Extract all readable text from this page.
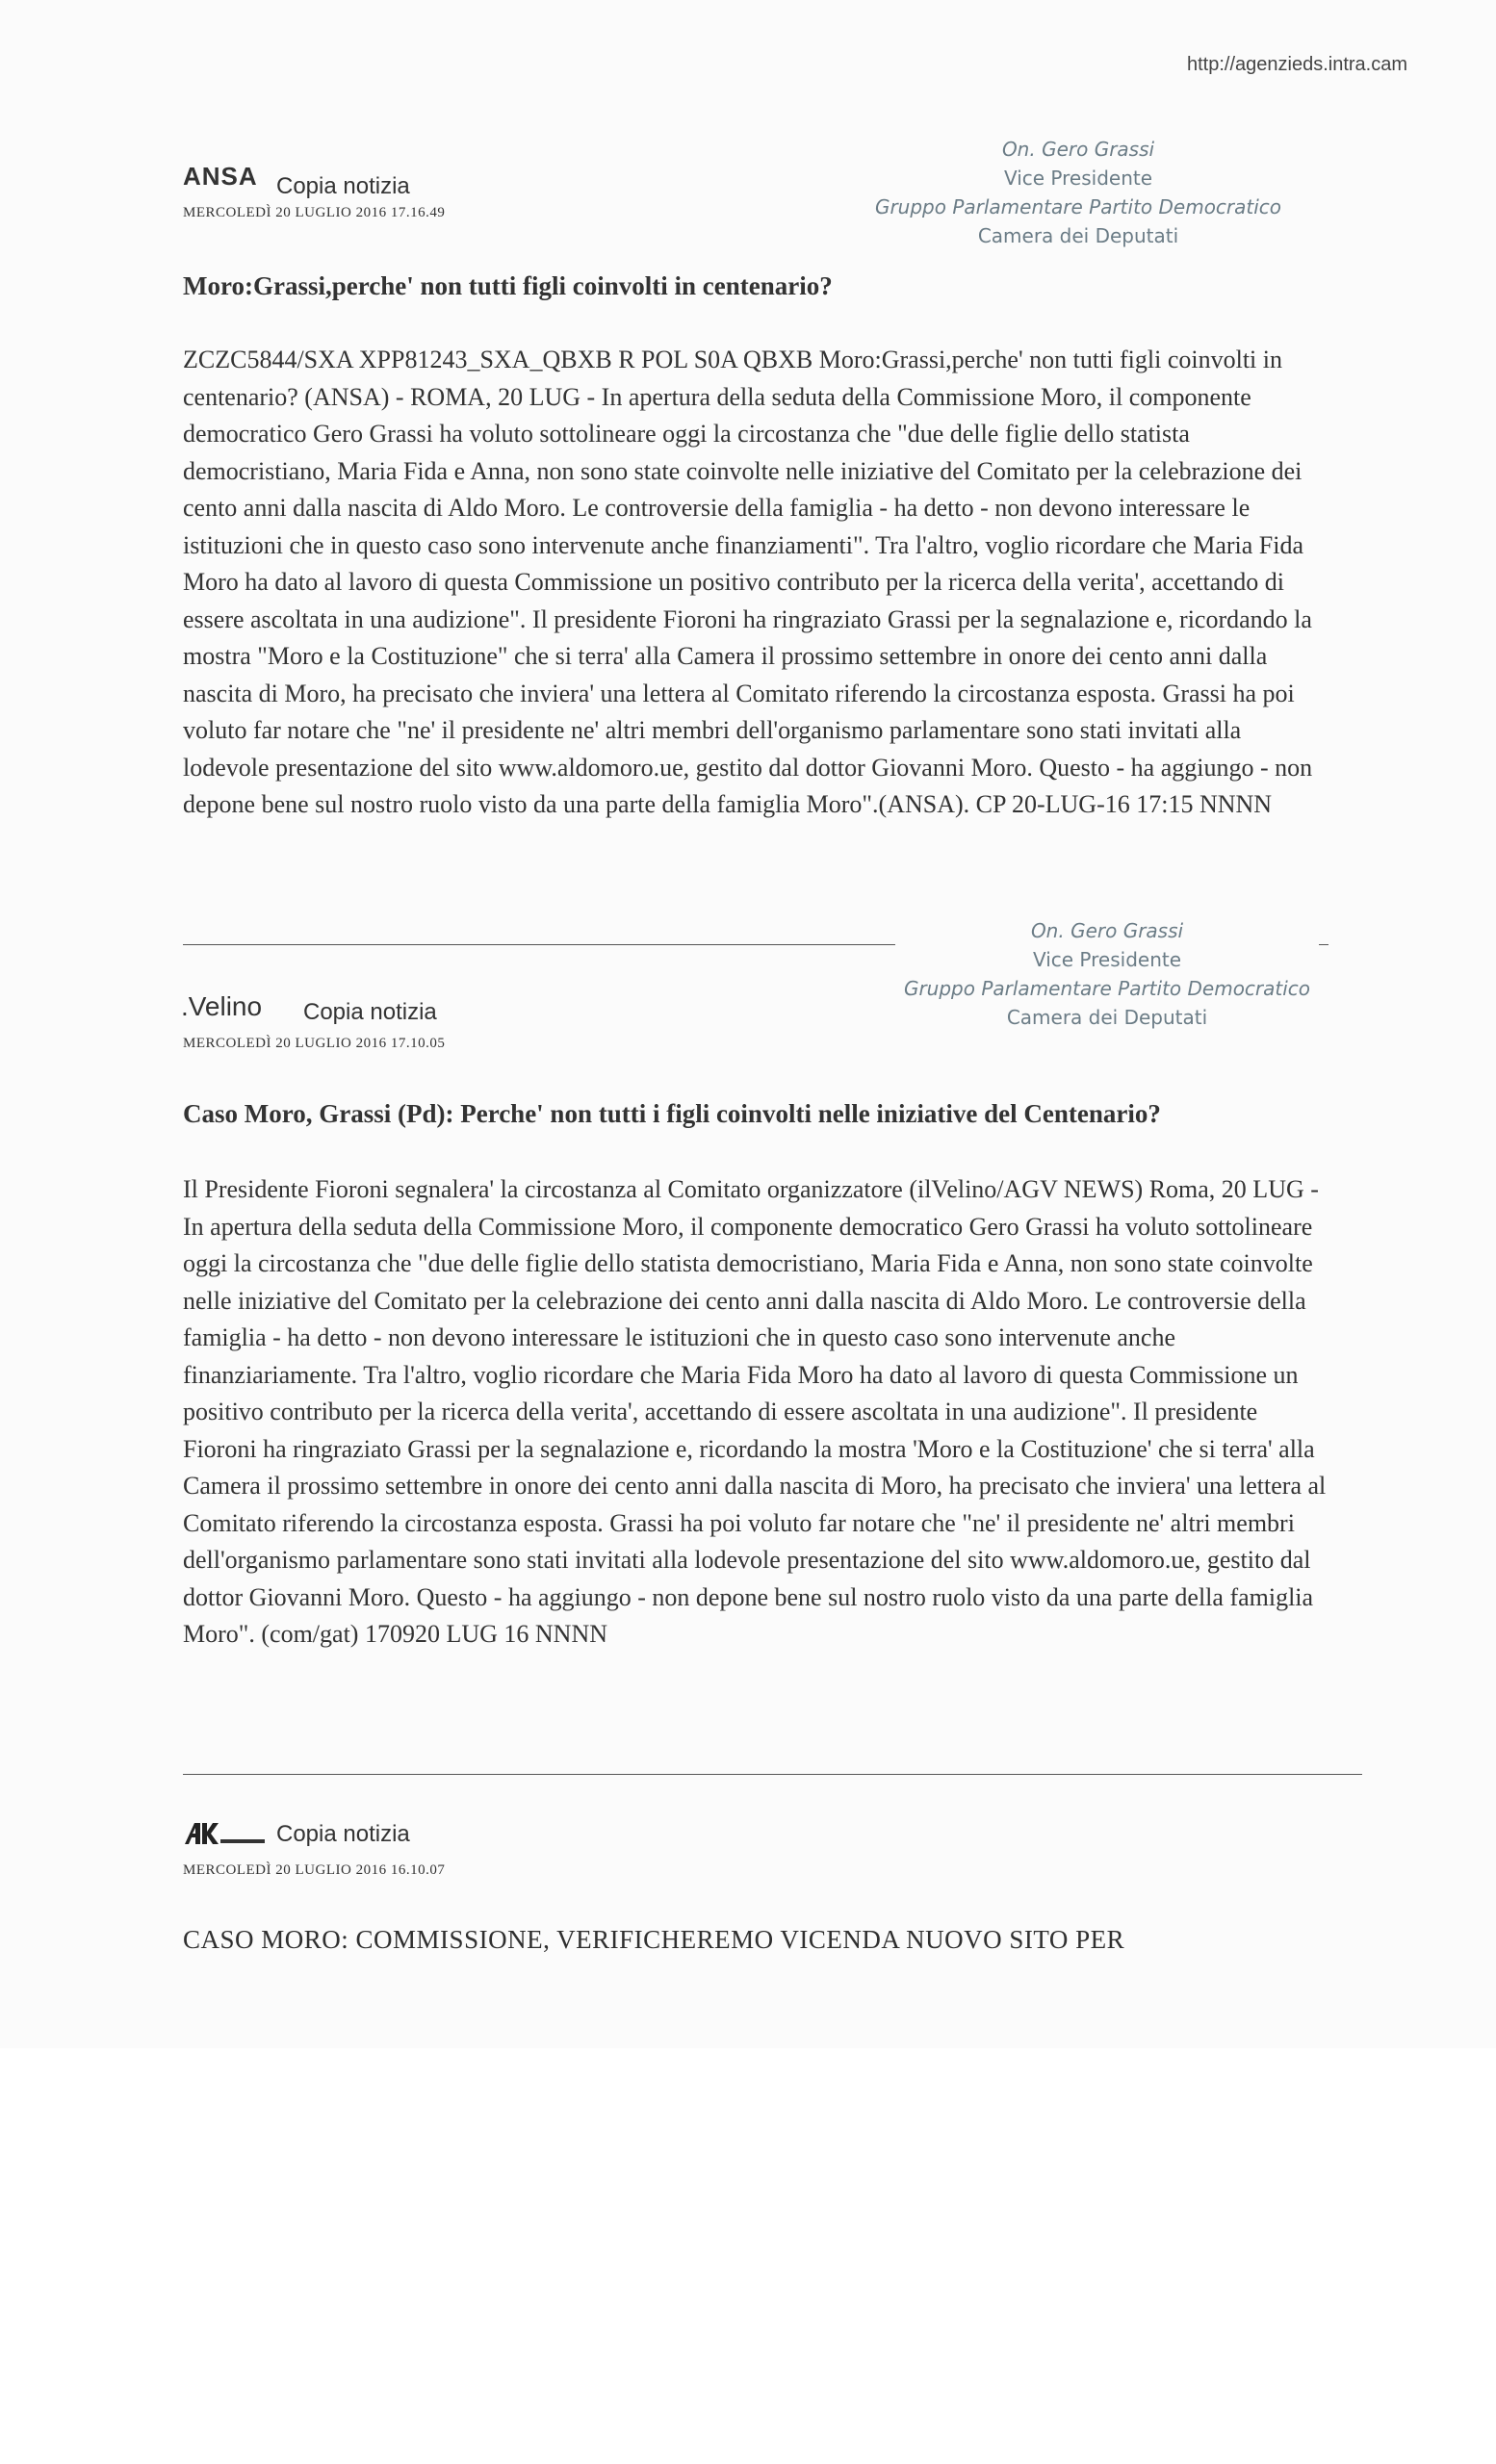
http://agenzieds.intra.cam
ANSA Copia notizia
MERCOLEDÌ 20 LUGLIO 2016 17.16.49
On. Gero Grassi
Vice Presidente
Gruppo Parlamentare Partito Democratico
Camera dei Deputati
Moro:Grassi,perche' non tutti figli coinvolti in centenario?

ZCZC5844/SXA XPP81243_SXA_QBXB R POL S0A QBXB Moro:Grassi,perche' non tutti figli coinvolti in centenario? (ANSA) - ROMA, 20 LUG - In apertura della seduta della Commissione Moro, il componente democratico Gero Grassi ha voluto sottolineare oggi la circostanza che "due delle figlie dello statista democristiano, Maria Fida e Anna, non sono state coinvolte nelle iniziative del Comitato per la celebrazione dei cento anni dalla nascita di Aldo Moro. Le controversie della famiglia - ha detto - non devono interessare le istituzioni che in questo caso sono intervenute anche finanziamenti". Tra l'altro, voglio ricordare che Maria Fida Moro ha dato al lavoro di questa Commissione un positivo contributo per la ricerca della verita', accettando di essere ascoltata in una audizione". Il presidente Fioroni ha ringraziato Grassi per la segnalazione e, ricordando la mostra "Moro e la Costituzione" che si terra' alla Camera il prossimo settembre in onore dei cento anni dalla nascita di Moro, ha precisato che inviera' una lettera al Comitato riferendo la circostanza esposta. Grassi ha poi voluto far notare che "ne' il presidente ne' altri membri dell'organismo parlamentare sono stati invitati alla lodevole presentazione del sito www.aldomoro.ue, gestito dal dottor Giovanni Moro. Questo - ha aggiungo - non depone bene sul nostro ruolo visto da una parte della famiglia Moro".(ANSA). CP 20-LUG-16 17:15 NNNN

On. Gero Grassi
Vice Presidente
Gruppo Parlamentare Partito Democratico
Camera dei Deputati
.Velino Copia notizia
MERCOLEDÌ 20 LUGLIO 2016 17.10.05
Caso Moro, Grassi (Pd): Perche' non tutti i figli coinvolti nelle iniziative del Centenario?

Il Presidente Fioroni segnalera' la circostanza al Comitato organizzatore (ilVelino/AGV NEWS) Roma, 20 LUG - In apertura della seduta della Commissione Moro, il componente democratico Gero Grassi ha voluto sottolineare oggi la circostanza che "due delle figlie dello statista democristiano, Maria Fida e Anna, non sono state coinvolte nelle iniziative del Comitato per la celebrazione dei cento anni dalla nascita di Aldo Moro. Le controversie della famiglia - ha detto - non devono interessare le istituzioni che in questo caso sono intervenute anche finanziariamente. Tra l'altro, voglio ricordare che Maria Fida Moro ha dato al lavoro di questa Commissione un positivo contributo per la ricerca della verita', accettando di essere ascoltata in una audizione". Il presidente Fioroni ha ringraziato Grassi per la segnalazione e, ricordando la mostra 'Moro e la Costituzione' che si terra' alla Camera il prossimo settembre in onore dei cento anni dalla nascita di Moro, ha precisato che inviera' una lettera al Comitato riferendo la circostanza esposta. Grassi ha poi voluto far notare che "ne' il presidente ne' altri membri dell'organismo parlamentare sono stati invitati alla lodevole presentazione del sito www.aldomoro.ue, gestito dal dottor Giovanni Moro. Questo - ha aggiungo - non depone bene sul nostro ruolo visto da una parte della famiglia Moro". (com/gat) 170920 LUG 16 NNNN

Copia notizia
MERCOLEDÌ 20 LUGLIO 2016 16.10.07
CASO MORO: COMMISSIONE, VERIFICHEREMO VICENDA NUOVO SITO PER
